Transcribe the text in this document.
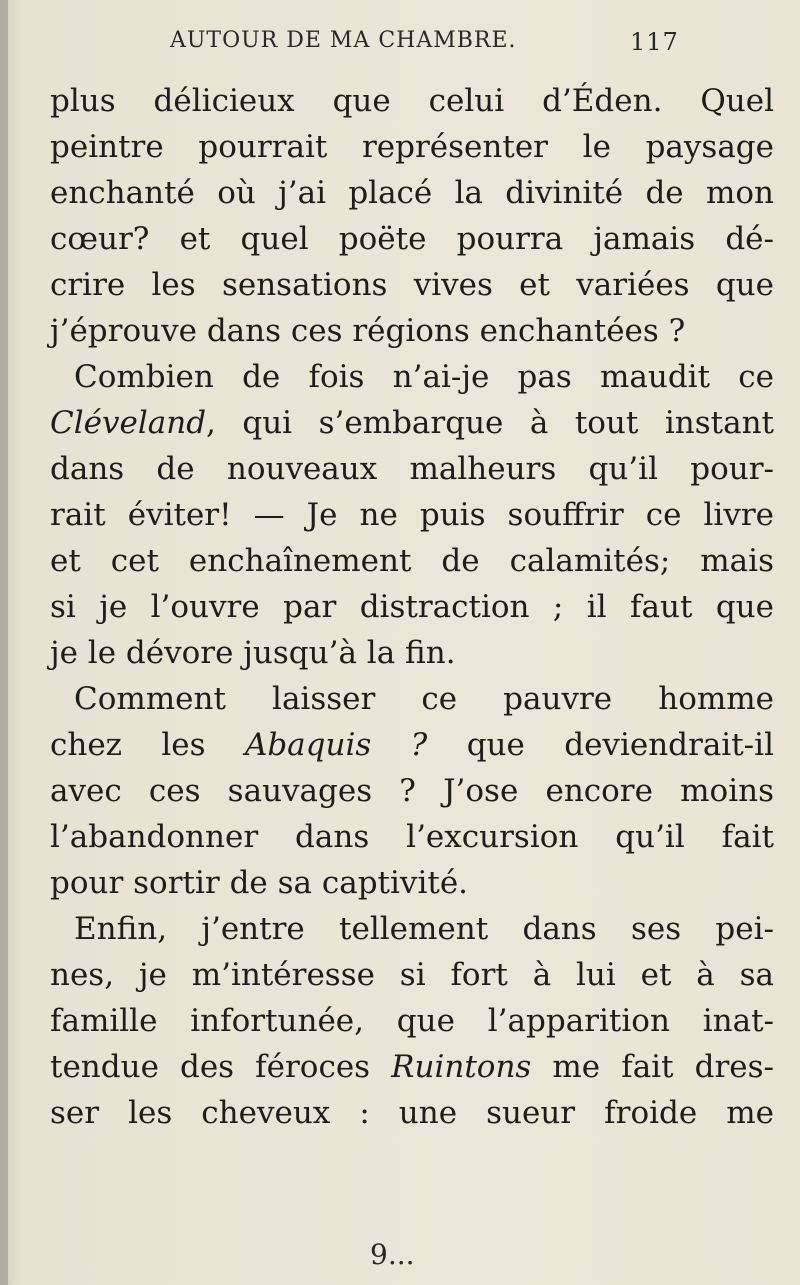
AUTOUR DE MA CHAMBRE.	117
plus délicieux que celui d’Éden. Quel
peintre pourrait représenter le paysage
enchanté où j’ai placé la divinité de mon
cœur? et quel poëte pourra jamais dé-
crire les sensations vives et variées que
j’éprouve dans ces régions enchantées ?
Combien de fois n’ai-je pas maudit ce
Cléveland, qui s’embarque à tout instant
dans de nouveaux malheurs qu’il pour-
rait éviter! — Je ne puis souffrir ce livre
et cet enchaînement de calamités; mais
si je l’ouvre par distraction ; il faut que
je le dévore jusqu’à la fin.
Comment laisser ce pauvre homme
chez les Abaquis ? que deviendrait-il
avec ces sauvages ? J’ose encore moins
l’abandonner dans l’excursion qu’il fait
pour sortir de sa captivité.
Enfin, j’entre tellement dans ses pei-
nes, je m’intéresse si fort à lui et à sa
famille infortunée, que l’apparition inat-
tendue des féroces Ruintons me fait dres-
ser les cheveux : une sueur froide me
9...
